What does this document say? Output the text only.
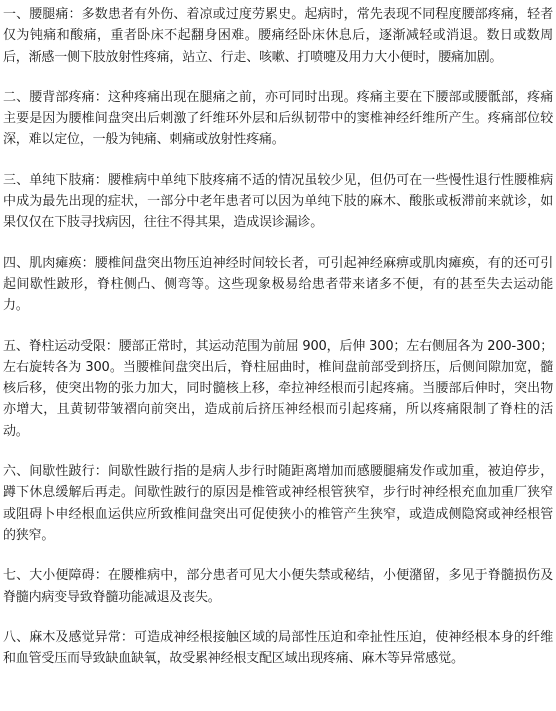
一、腰腿痛：多数患者有外伤、着凉或过度劳累史。起病时，常先表现不同程度腰部疼痛，轻者仅为钝痛和酸痛，重者卧床不起翻身困难。腰痛经卧床休息后，逐渐减轻或消退。数日或数周后，渐感一侧下肢放射性疼痛，站立、行走、咳嗽、打喷嚏及用力大小便时，腰痛加剧。

二、腰背部疼痛：这种疼痛出现在腿痛之前，亦可同时出现。疼痛主要在下腰部或腰骶部，疼痛主要是因为腰椎间盘突出后刺激了纤维环外层和后纵韧带中的窦椎神经纤维所产生。疼痛部位较深，难以定位，一般为钝痛、刺痛或放射性疼痛。

三、单纯下肢痛：腰椎病中单纯下肢疼痛不适的情况虽较少见，但仍可在一些慢性退行性腰椎病中成为最先出现的症状，一部分中老年患者可以因为单纯下肢的麻木、酸胀或板滞前来就诊，如果仅仅在下肢寻找病因，往往不得其果，造成误诊漏诊。

四、肌肉瘫痪：腰椎间盘突出物压迫神经时间较长者，可引起神经麻痹或肌肉瘫痪，有的还可引起间歇性跛形，脊柱侧凸、侧弯等。这些现象极易给患者带来诸多不便，有的甚至失去运动能力。

五、脊柱运动受限：腰部正常时，其运动范围为前屈 900，后伸 300；左右侧屈各为 200-300；左右旋转各为 300。当腰椎间盘突出后，脊柱屈曲时，椎间盘前部受到挤压，后侧间隙加宽，髓核后移，使突出物的张力加大，同时髓核上移，牵拉神经根而引起疼痛。当腰部后伸时，突出物亦增大，且黄韧带皱褶向前突出，造成前后挤压神经根而引起疼痛，所以疼痛限制了脊柱的活动。

六、间歇性跛行：间歇性跛行指的是病人步行时随距离增加而感腰腿痛发作或加重，被迫停步，蹲下休息缓解后再走。间歇性跛行的原因是椎管或神经根管狭窄，步行时神经根充血加重厂狭窄或阻碍卜申经根血运供应所致椎间盘突出可促使狭小的椎管产生狭窄，或造成侧隐窝或神经根管的狭窄。

七、大小便障碍：在腰椎病中，部分患者可见大小便失禁或秘结，小便潴留，多见于脊髓损伤及脊髓内病变导致脊髓功能减退及丧失。

八、麻木及感觉异常：可造成神经根接触区域的局部性压迫和牵扯性压迫，使神经根本身的纤维和血管受压而导致缺血缺氧，故受累神经根支配区域出现疼痛、麻木等异常感觉。
